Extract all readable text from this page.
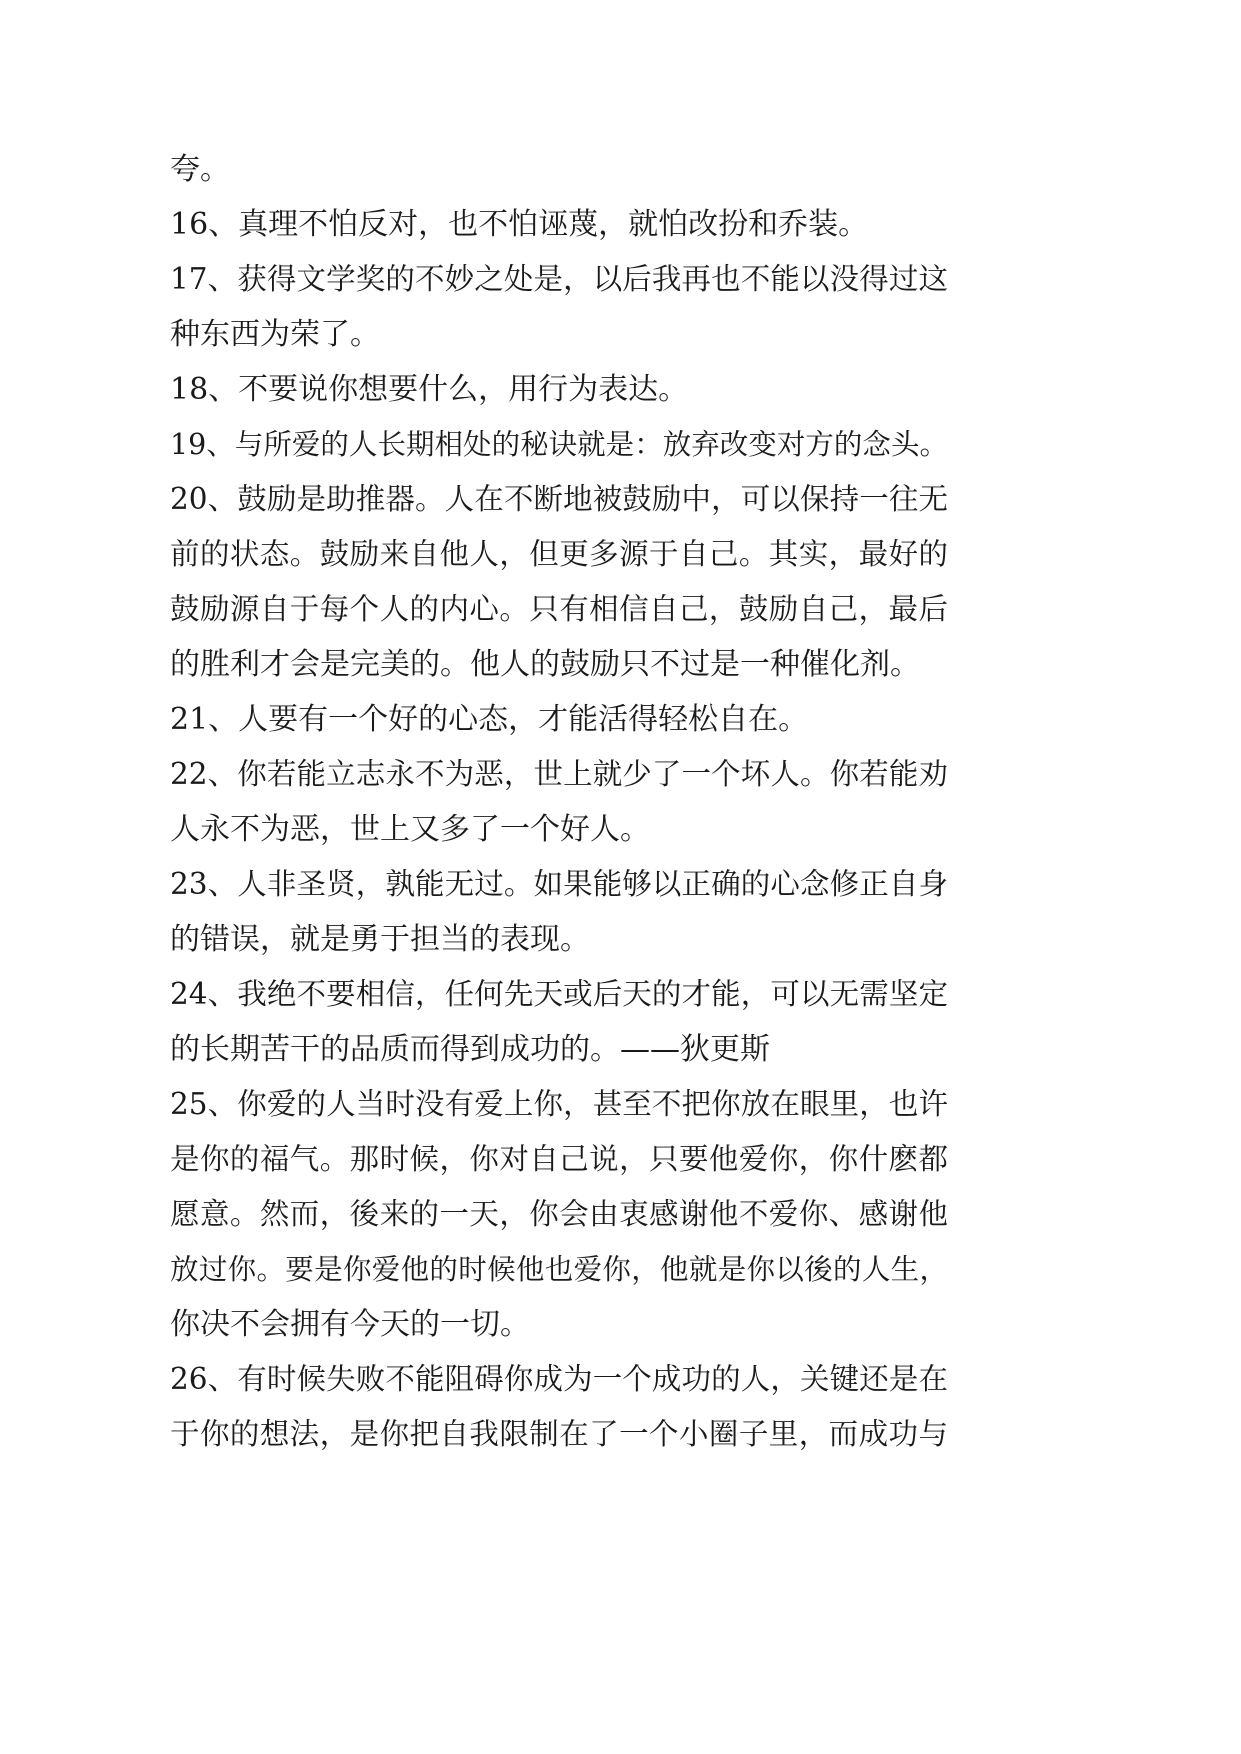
夸。
16、真理不怕反对，也不怕诬蔑，就怕改扮和乔装。
17、获得文学奖的不妙之处是，以后我再也不能以没得过这
种东西为荣了。
18、不要说你想要什么，用行为表达。
19、与所爱的人长期相处的秘诀就是：放弃改变对方的念头。
20、鼓励是助推器。人在不断地被鼓励中，可以保持一往无
前的状态。鼓励来自他人，但更多源于自己。其实，最好的
鼓励源自于每个人的内心。只有相信自己，鼓励自己，最后
的胜利才会是完美的。他人的鼓励只不过是一种催化剂。
21、人要有一个好的心态，才能活得轻松自在。
22、你若能立志永不为恶，世上就少了一个坏人。你若能劝
人永不为恶，世上又多了一个好人。
23、人非圣贤，孰能无过。如果能够以正确的心念修正自身
的错误，就是勇于担当的表现。
24、我绝不要相信，任何先天或后天的才能，可以无需坚定
的长期苦干的品质而得到成功的。——狄更斯
25、你爱的人当时没有爱上你，甚至不把你放在眼里，也许
是你的福气。那时候，你对自己说，只要他爱你，你什麽都
愿意。然而，後来的一天，你会由衷感谢他不爱你、感谢他
放过你。要是你爱他的时候他也爱你，他就是你以後的人生，
你决不会拥有今天的一切。
26、有时候失败不能阻碍你成为一个成功的人，关键还是在
于你的想法，是你把自我限制在了一个小圈子里，而成功与
